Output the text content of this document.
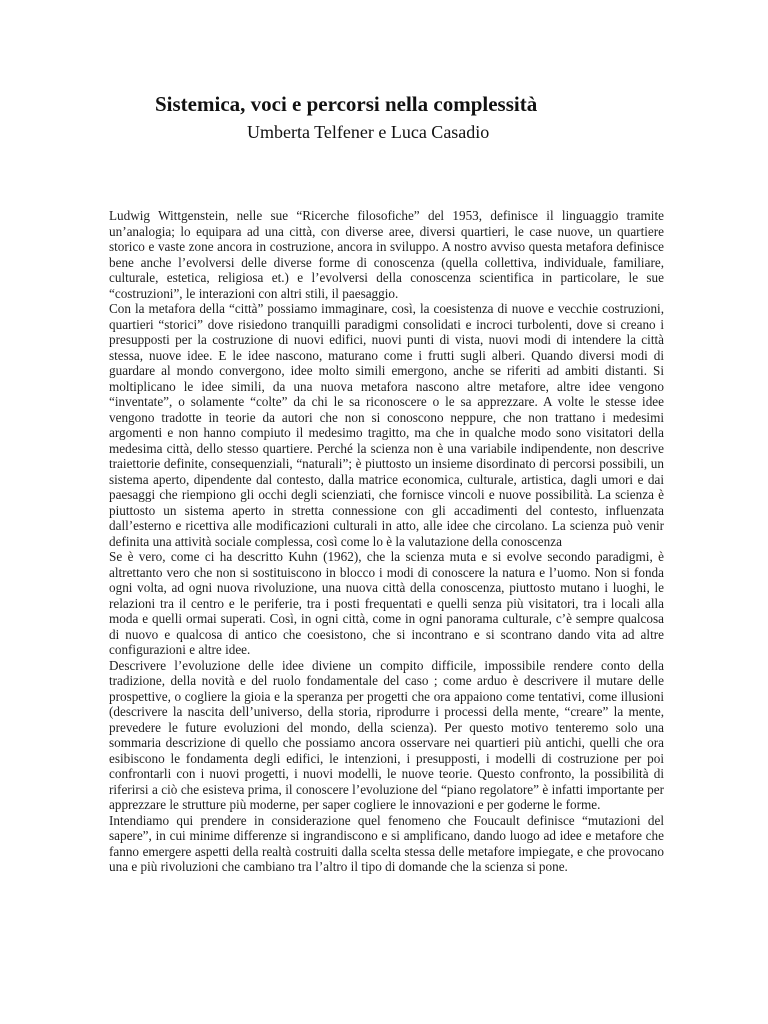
Sistemica, voci e percorsi nella complessità
Umberta Telfener e Luca Casadio

Ludwig Wittgenstein, nelle sue “Ricerche filosofiche” del 1953, definisce il linguaggio tramite un’analogia; lo equipara ad una città, con diverse aree, diversi quartieri, le case nuove, un quartiere storico e vaste zone ancora in costruzione, ancora in sviluppo. A nostro avviso questa metafora definisce bene anche l’evolversi delle diverse forme di conoscenza (quella collettiva, individuale, familiare, culturale, estetica, religiosa et.) e l’evolversi della conoscenza scientifica in particolare, le sue “costruzioni”, le interazioni con altri stili, il paesaggio.

Con la metafora della “città” possiamo immaginare, così, la coesistenza di nuove e vecchie costruzioni, quartieri “storici” dove risiedono tranquilli paradigmi consolidati e incroci turbolenti, dove si creano i presupposti per la costruzione di nuovi edifici, nuovi punti di vista, nuovi modi di intendere la città stessa, nuove idee. E le idee nascono, maturano come i frutti sugli alberi. Quando diversi modi di guardare al mondo convergono, idee molto simili emergono, anche se riferiti ad ambiti distanti. Si moltiplicano le idee simili, da una nuova metafora nascono altre metafore, altre idee vengono “inventate”, o solamente “colte” da chi le sa riconoscere o le sa apprezzare. A volte le stesse idee vengono tradotte in teorie da autori che non si conoscono neppure, che non trattano i medesimi argomenti e non hanno compiuto il medesimo tragitto, ma che in qualche modo sono visitatori della medesima città, dello stesso quartiere. Perché la scienza non è una variabile indipendente, non descrive traiettorie definite, consequenziali, “naturali”; è piuttosto un insieme disordinato di percorsi possibili, un sistema aperto, dipendente dal contesto, dalla matrice economica, culturale, artistica, dagli umori e dai paesaggi che riempiono gli occhi degli scienziati, che fornisce vincoli e nuove possibilità. La scienza è piuttosto un sistema aperto in stretta connessione con gli accadimenti del contesto, influenzata dall’esterno e ricettiva alle modificazioni culturali in atto, alle idee che circolano. La scienza può venir definita una attività sociale complessa, così come lo è la valutazione della conoscenza

Se è vero, come ci ha descritto Kuhn (1962), che la scienza muta e si evolve secondo paradigmi, è altrettanto vero che non si sostituiscono in blocco i modi di conoscere la natura e l’uomo. Non si fonda ogni volta, ad ogni nuova rivoluzione, una nuova città della conoscenza, piuttosto mutano i luoghi, le relazioni tra il centro e le periferie, tra i posti frequentati e quelli senza più visitatori, tra i locali alla moda e quelli ormai superati. Così, in ogni città, come in ogni panorama culturale, c’è sempre qualcosa di nuovo e qualcosa di antico che coesistono, che si incontrano e si scontrano dando vita ad altre configurazioni e altre idee.

Descrivere l’evoluzione delle idee diviene un compito difficile, impossibile rendere conto della tradizione, della novità e del ruolo fondamentale del caso ; come arduo è descrivere il mutare delle prospettive, o cogliere la gioia e la speranza per progetti che ora appaiono come tentativi, come illusioni (descrivere la nascita dell’universo, della storia, riprodurre i processi della mente, “creare” la mente, prevedere le future evoluzioni del mondo, della scienza). Per questo motivo tenteremo solo una sommaria descrizione di quello che possiamo ancora osservare nei quartieri più antichi, quelli che ora esibiscono le fondamenta degli edifici, le intenzioni, i presupposti, i modelli di costruzione per poi confrontarli con i nuovi progetti, i nuovi modelli, le nuove teorie. Questo confronto, la possibilità di riferirsi a ciò che esisteva prima, il conoscere l’evoluzione del “piano regolatore” è infatti importante per apprezzare le strutture più moderne, per saper cogliere le innovazioni e per goderne le forme.

Intendiamo qui prendere in considerazione quel fenomeno che Foucault definisce “mutazioni del sapere”, in cui minime differenze si ingrandiscono e si amplificano, dando luogo ad idee e metafore che fanno emergere aspetti della realtà costruiti dalla scelta stessa delle metafore impiegate, e che provocano una e più rivoluzioni che cambiano tra l’altro il tipo di domande che la scienza si pone.
